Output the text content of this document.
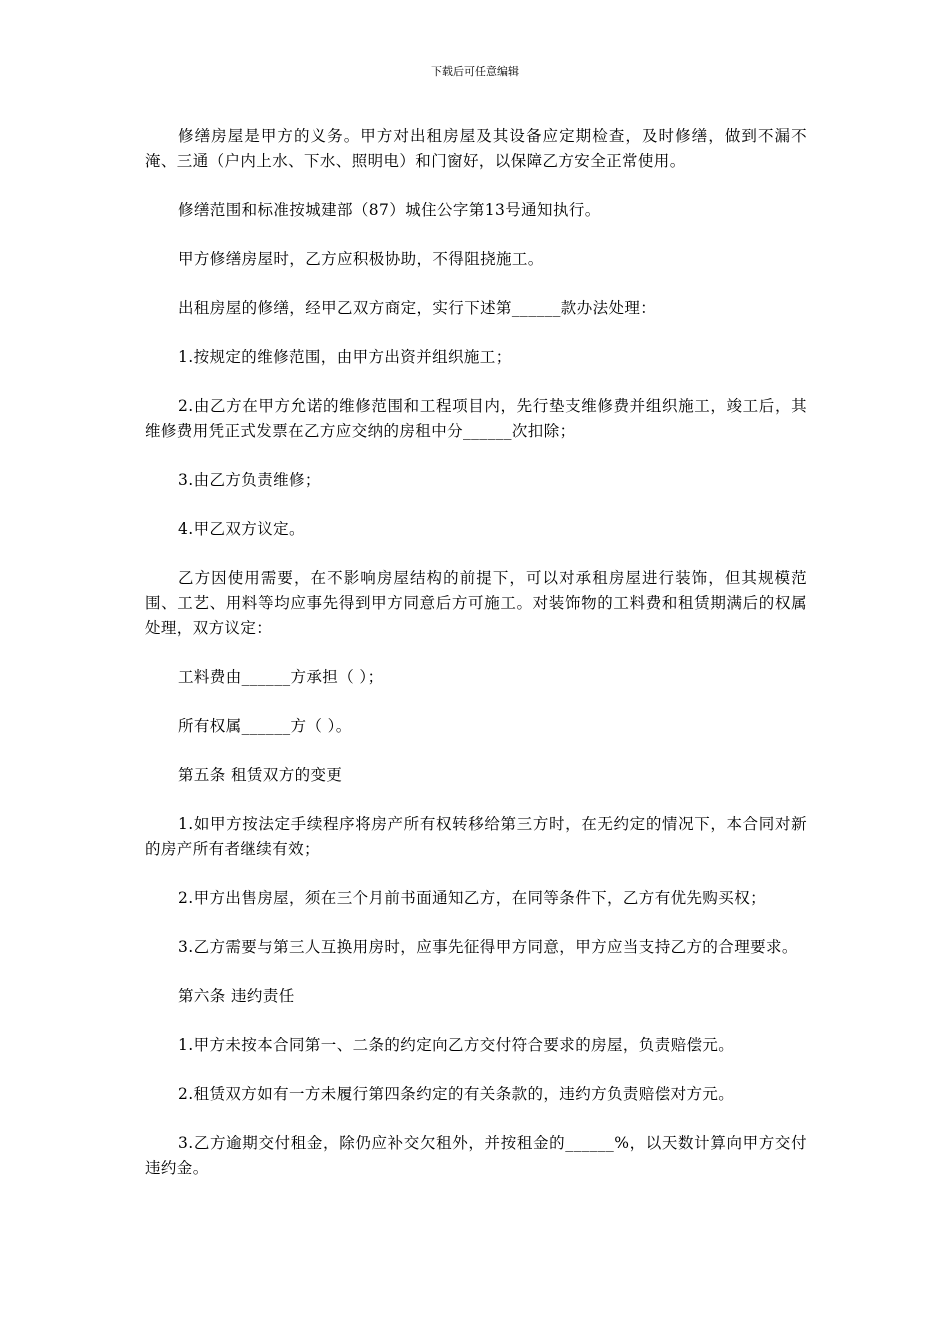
下载后可任意编辑

修缮房屋是甲方的义务。甲方对出租房屋及其设备应定期检查，及时修缮，做到不漏不淹、三通（户内上水、下水、照明电）和门窗好，以保障乙方安全正常使用。

修缮范围和标准按城建部（87）城住公字第13号通知执行。

甲方修缮房屋时，乙方应积极协助，不得阻挠施工。

出租房屋的修缮，经甲乙双方商定，实行下述第______款办法处理：

1.按规定的维修范围，由甲方出资并组织施工；

2.由乙方在甲方允诺的维修范围和工程项目内，先行垫支维修费并组织施工，竣工后，其维修费用凭正式发票在乙方应交纳的房租中分______次扣除；

3.由乙方负责维修；

4.甲乙双方议定。

乙方因使用需要，在不影响房屋结构的前提下，可以对承租房屋进行装饰，但其规模范围、工艺、用料等均应事先得到甲方同意后方可施工。对装饰物的工料费和租赁期满后的权属处理，双方议定：

工料费由______方承担（ ）；

所有权属______方（ ）。

第五条 租赁双方的变更

1.如甲方按法定手续程序将房产所有权转移给第三方时，在无约定的情况下，本合同对新的房产所有者继续有效；

2.甲方出售房屋，须在三个月前书面通知乙方，在同等条件下，乙方有优先购买权；

3.乙方需要与第三人互换用房时，应事先征得甲方同意，甲方应当支持乙方的合理要求。

第六条 违约责任

1.甲方未按本合同第一、二条的约定向乙方交付符合要求的房屋，负责赔偿元。

2.租赁双方如有一方未履行第四条约定的有关条款的，违约方负责赔偿对方元。

3.乙方逾期交付租金，除仍应补交欠租外，并按租金的______%，以天数计算向甲方交付违约金。
